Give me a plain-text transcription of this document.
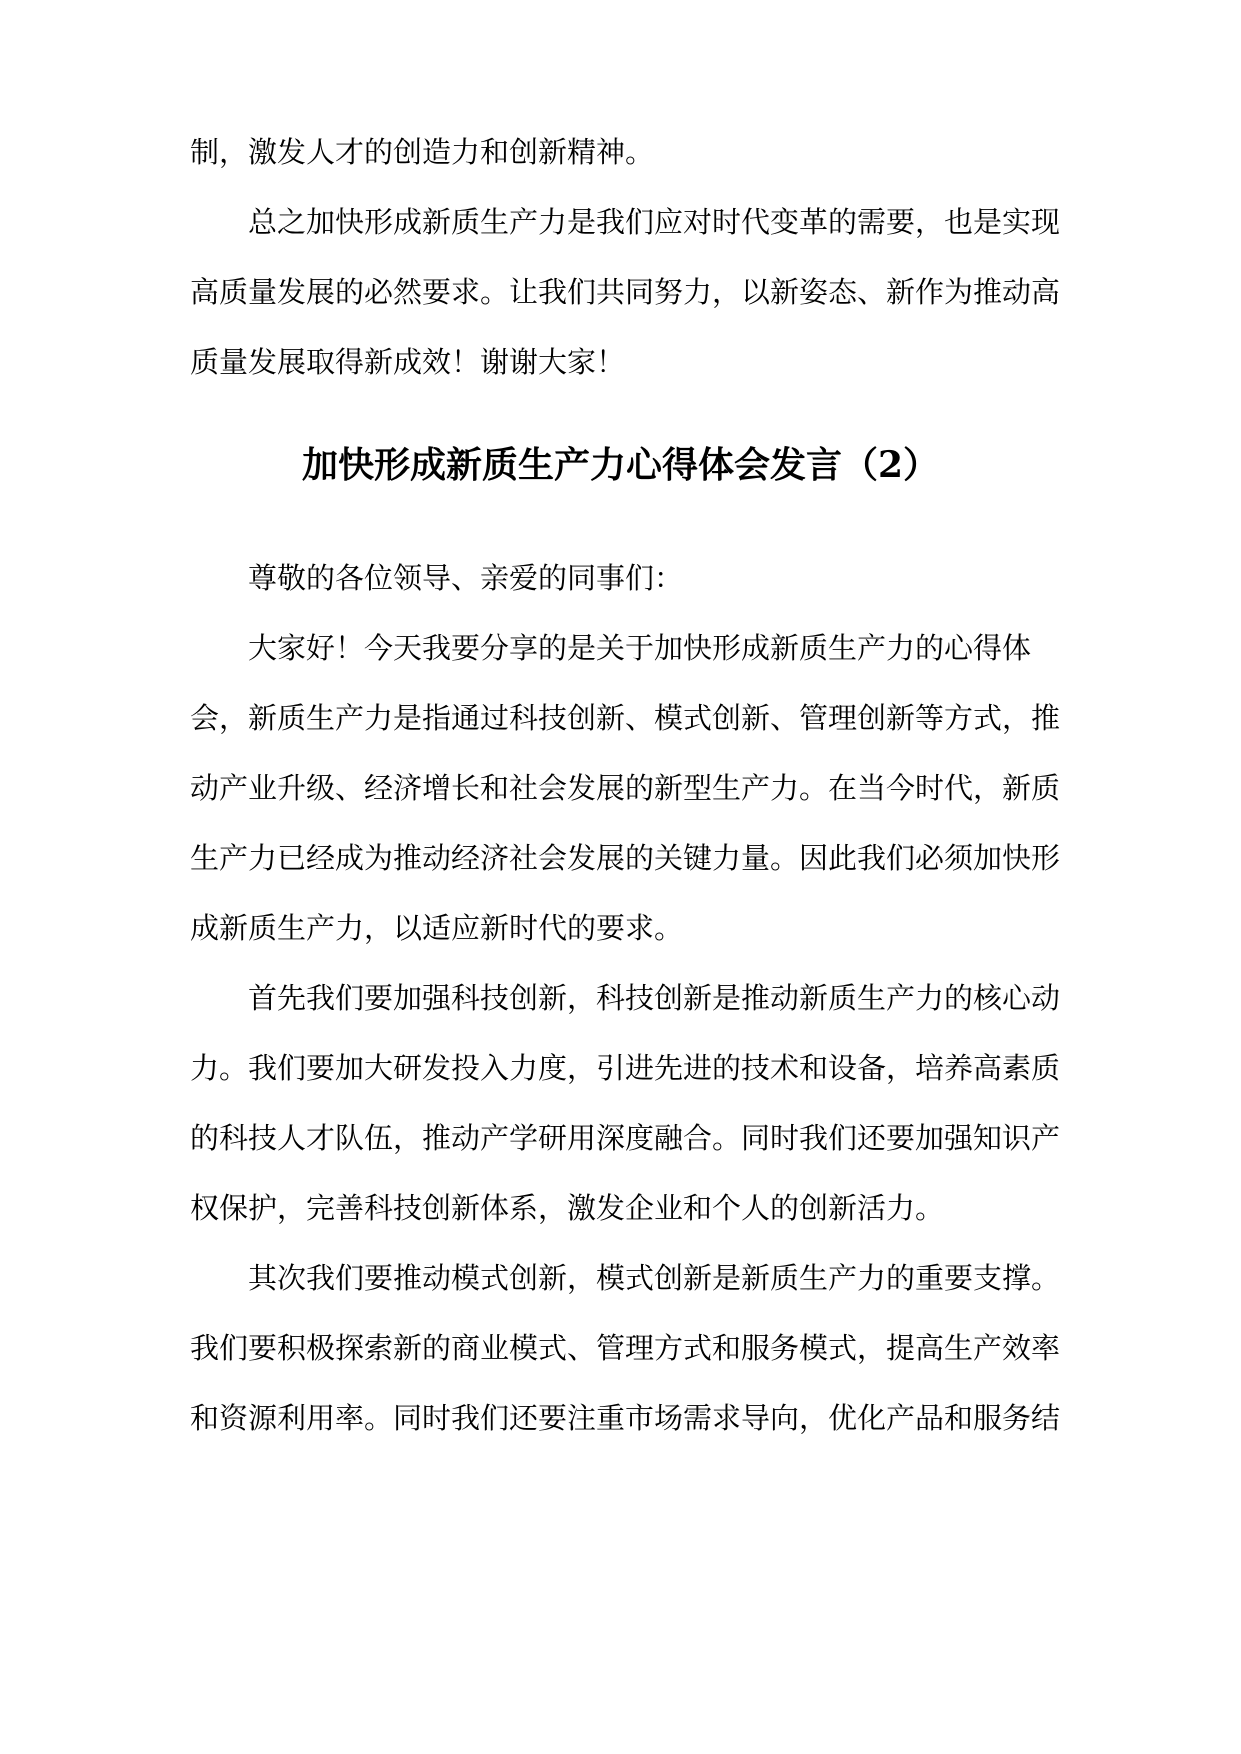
制，激发人才的创造力和创新精神。
总之加快形成新质生产力是我们应对时代变革的需要，也是实现
高质量发展的必然要求。让我们共同努力，以新姿态、新作为推动高
质量发展取得新成效！谢谢大家！
加快形成新质生产力心得体会发言（2）
尊敬的各位领导、亲爱的同事们：
大家好！今天我要分享的是关于加快形成新质生产力的心得体
会，新质生产力是指通过科技创新、模式创新、管理创新等方式，推
动产业升级、经济增长和社会发展的新型生产力。在当今时代，新质
生产力已经成为推动经济社会发展的关键力量。因此我们必须加快形
成新质生产力，以适应新时代的要求。
首先我们要加强科技创新，科技创新是推动新质生产力的核心动
力。我们要加大研发投入力度，引进先进的技术和设备，培养高素质
的科技人才队伍，推动产学研用深度融合。同时我们还要加强知识产
权保护，完善科技创新体系，激发企业和个人的创新活力。
其次我们要推动模式创新，模式创新是新质生产力的重要支撑。
我们要积极探索新的商业模式、管理方式和服务模式，提高生产效率
和资源利用率。同时我们还要注重市场需求导向，优化产品和服务结
